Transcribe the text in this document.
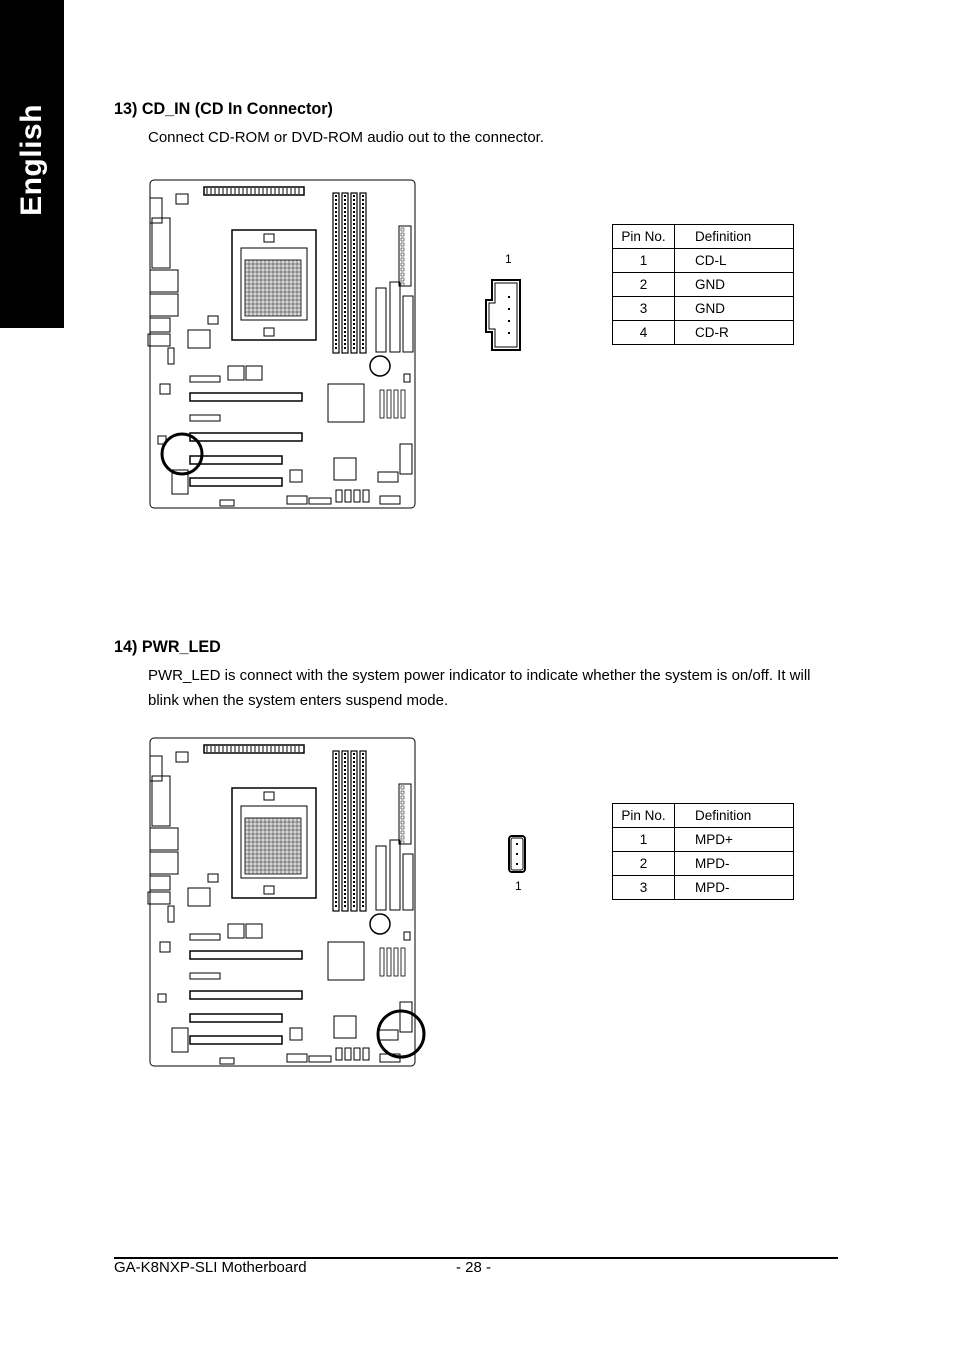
English	13) CD_IN (CD In Connector)
Connect CD-ROM or DVD-ROM audio out to the connector.
1
Pin No.	Definition
1	CD-L
2	GND
3	GND
4	CD-R
14) PWR_LED
PWR_LED is connect with the system power indicator to indicate whether the system is on/off. It will
blink when the system enters suspend mode.
1
Pin No.	Definition
1	MPD+
2	MPD-
3	MPD-
GA-K8NXP-SLI Motherboard	- 28 -
